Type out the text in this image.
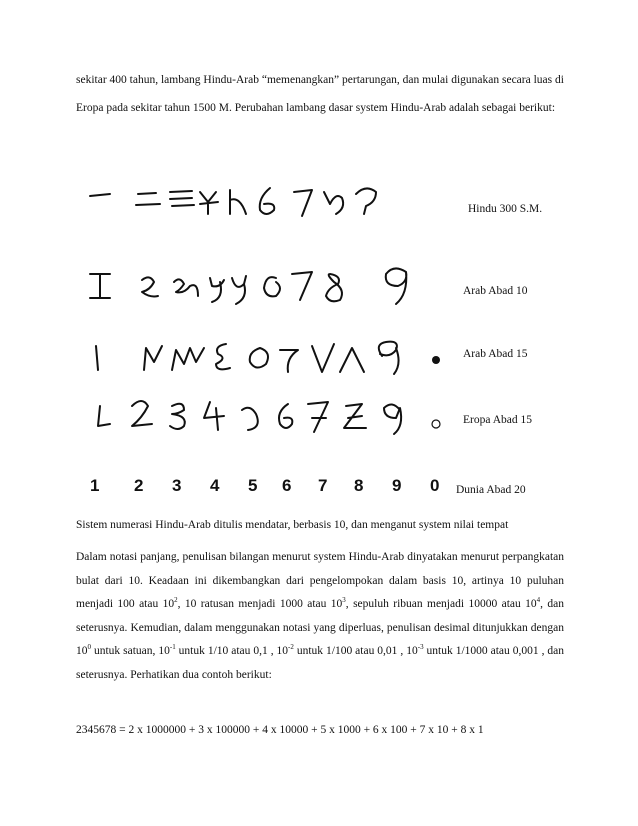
sekitar 400 tahun, lambang Hindu-Arab “memenangkan” pertarungan, dan mulai digunakan secara luas di
Eropa pada sekitar tahun 1500 M. Perubahan lambang dasar system Hindu-Arab adalah sebagai berikut:
Hindu 300 S.M.
Arab Abad 10
Arab Abad 15
Eropa Abad 15
1 2 3 4 5 6 7 8 9 0 Dunia Abad 20
Sistem numerasi Hindu-Arab ditulis mendatar, berbasis 10, dan menganut system nilai tempat
Dalam notasi panjang, penulisan bilangan menurut system Hindu-Arab dinyatakan menurut perpangkatan bulat dari 10. Keadaan ini dikembangkan dari pengelompokan dalam basis 10, artinya 10 puluhan menjadi 100 atau $10^2$, 10 ratusan menjadi 1000 atau $10^3$, sepuluh ribuan menjadi 10000 atau $10^4$, dan seterusnya. Kemudian, dalam menggunakan notasi yang diperluas, penulisan desimal ditunjukkan dengan $10^0$ untuk satuan, $10^{-1}$ untuk 1/10 atau 0,1 , $10^{-2}$ untuk 1/100 atau 0,01 , $10^{-3}$ untuk 1/1000 atau 0,001 , dan seterusnya. Perhatikan dua contoh berikut:
2345678 = 2 x 1000000 + 3 x 100000 + 4 x 10000 + 5 x 1000 + 6 x 100 + 7 x 10 + 8 x 1
